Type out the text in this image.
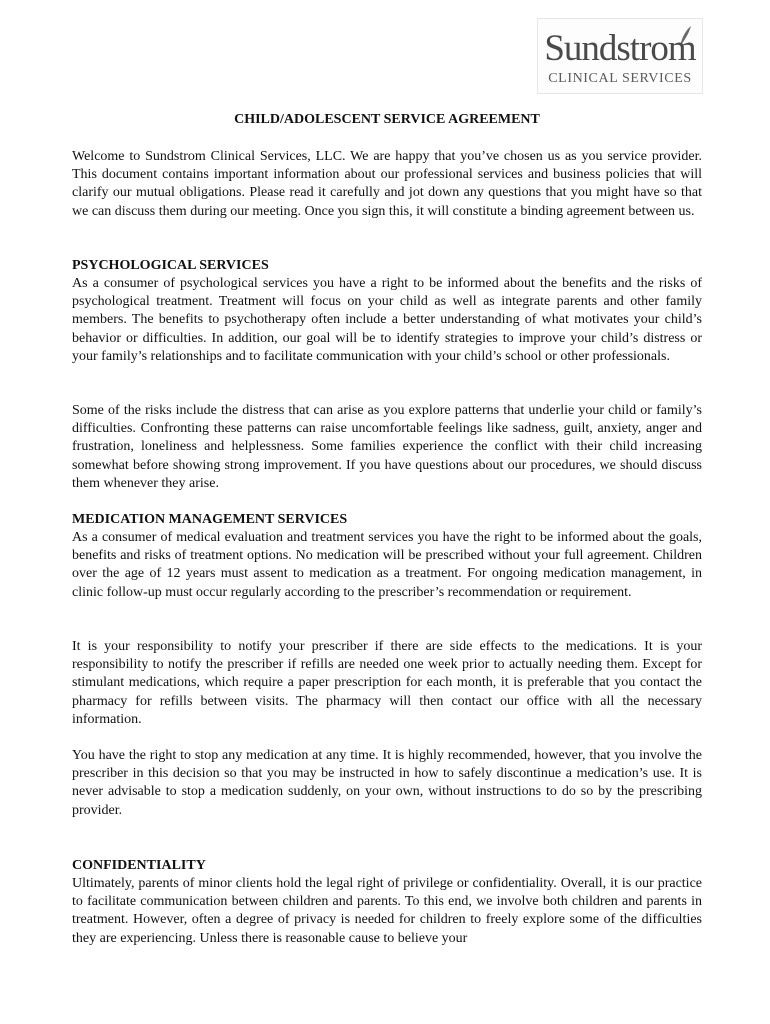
Sundstrom
CLINICAL SERVICES
CHILD/ADOLESCENT SERVICE AGREEMENT

Welcome to Sundstrom Clinical Services, LLC. We are happy that you’ve chosen us as you service provider. This document contains important information about our professional services and business policies that will clarify our mutual obligations. Please read it carefully and jot down any questions that you might have so that we can discuss them during our meeting. Once you sign this, it will constitute a binding agreement between us.

PSYCHOLOGICAL SERVICES

As a consumer of psychological services you have a right to be informed about the benefits and the risks of psychological treatment. Treatment will focus on your child as well as integrate parents and other family members. The benefits to psychotherapy often include a better understanding of what motivates your child’s behavior or difficulties. In addition, our goal will be to identify strategies to improve your child’s distress or your family’s relationships and to facilitate communication with your child’s school or other professionals.

Some of the risks include the distress that can arise as you explore patterns that underlie your child or family’s difficulties. Confronting these patterns can raise uncomfortable feelings like sadness, guilt, anxiety, anger and frustration, loneliness and helplessness. Some families experience the conflict with their child increasing somewhat before showing strong improvement. If you have questions about our procedures, we should discuss them whenever they arise.

MEDICATION MANAGEMENT SERVICES

As a consumer of medical evaluation and treatment services you have the right to be informed about the goals, benefits and risks of treatment options. No medication will be prescribed without your full agreement. Children over the age of 12 years must assent to medication as a treatment. For ongoing medication management, in clinic follow-up must occur regularly according to the prescriber’s recommendation or requirement.

It is your responsibility to notify your prescriber if there are side effects to the medications. It is your responsibility to notify the prescriber if refills are needed one week prior to actually needing them. Except for stimulant medications, which require a paper prescription for each month, it is preferable that you contact the pharmacy for refills between visits. The pharmacy will then contact our office with all the necessary information.

You have the right to stop any medication at any time. It is highly recommended, however, that you involve the prescriber in this decision so that you may be instructed in how to safely discontinue a medication’s use. It is never advisable to stop a medication suddenly, on your own, without instructions to do so by the prescribing provider.

CONFIDENTIALITY

Ultimately, parents of minor clients hold the legal right of privilege or confidentiality. Overall, it is our practice to facilitate communication between children and parents. To this end, we involve both children and parents in treatment. However, often a degree of privacy is needed for children to freely explore some of the difficulties they are experiencing. Unless there is reasonable cause to believe your
